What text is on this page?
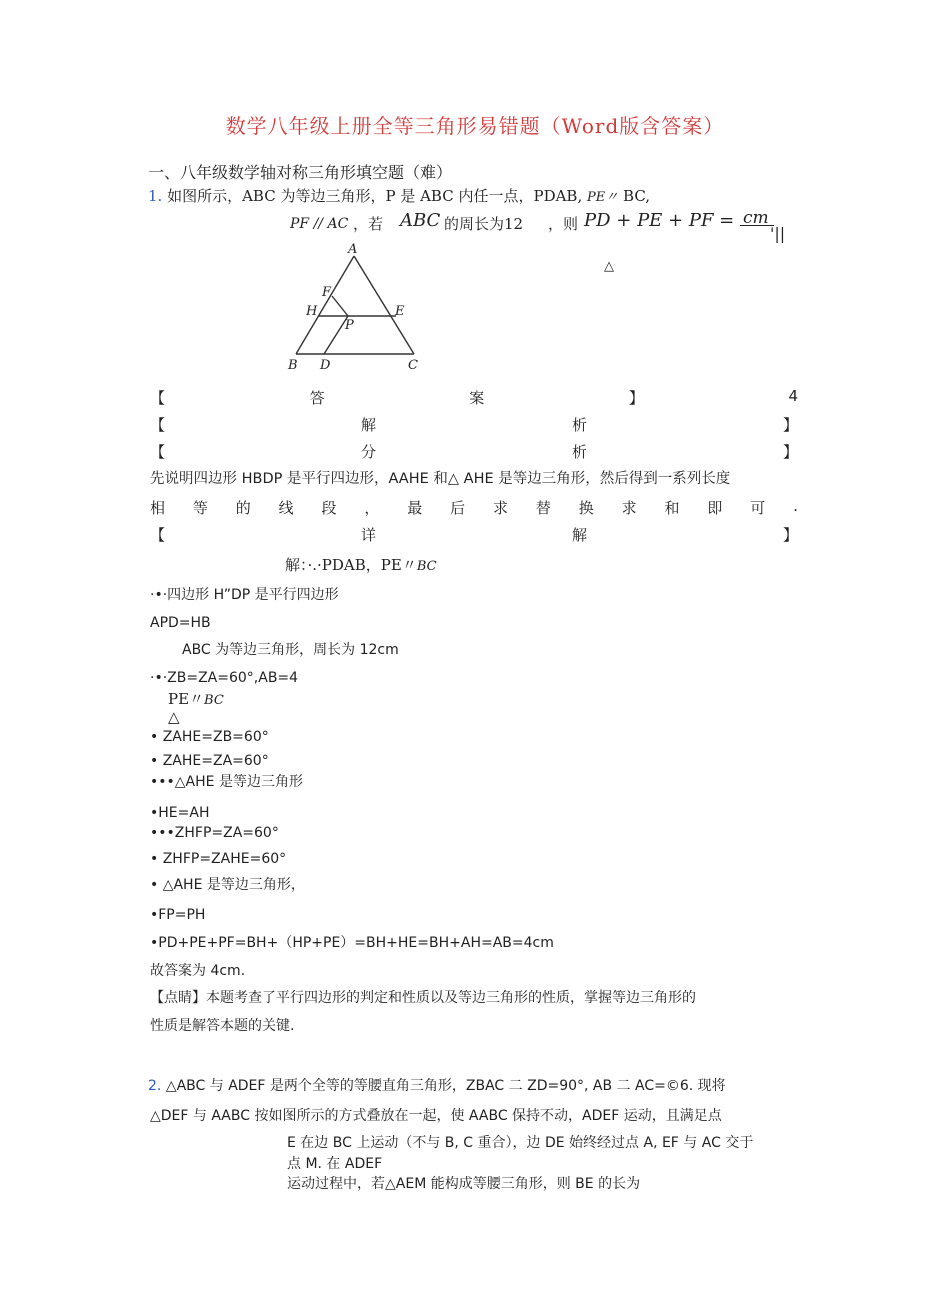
数学八年级上册全等三角形易错题（Word版含答案）
一、八年级数学轴对称三角形填空题（难）
1. 如图所示，ABC 为等边三角形，P 是 ABC 内任一点，PDAB, PE〃 BC,
PF // AC ，若 ABC 的周长为12 ，则 PD + PE + PF = cm
'||
△
A
F
H
P
E
B D	C
【	答	案	】	4
【	解	析	】
【	分	析	】
先说明四边形 HBDP 是平行四边形，AAHE 和△ AHE 是等边三角形，然后得到一系列长度
相 等 的 线 段 ， 最 后 求 替 换 求 和 即 可 .
【	详	解	】
解：·.·PDAB，PE〃BC
·•·四边形 H”DP 是平行四边形
APD=HB
ABC 为等边三角形，周长为 12cm
·•·ZB=ZA=60°,AB=4
PE〃BC
△
• ZAHE=ZB=60°
• ZAHE=ZA=60°
•••△AHE 是等边三角形
•HE=AH
•••ZHFP=ZA=60°
• ZHFP=ZAHE=60°
• △AHE 是等边三角形，
•FP=PH
•PD+PE+PF=BH+（HP+PE）=BH+HE=BH+AH=AB=4cm
故答案为 4cm.
【点睛】本题考查了平行四边形的判定和性质以及等边三角形的性质，掌握等边三角形的
性质是解答本题的关键.
2. △ABC 与 ADEF 是两个全等的等腰直角三角形，ZBAC 二 ZD=90°, AB 二 AC=©6. 现将
△DEF 与 AABC 按如图所示的方式叠放在一起，使 AABC 保持不动，ADEF 运动，且满足点
E 在边 BC 上运动（不与 B, C 重合），边 DE 始终经过点 A, EF 与 AC 交于
点 M. 在 ADEF
运动过程中，若△AEM 能构成等腰三角形，则 BE 的长为
